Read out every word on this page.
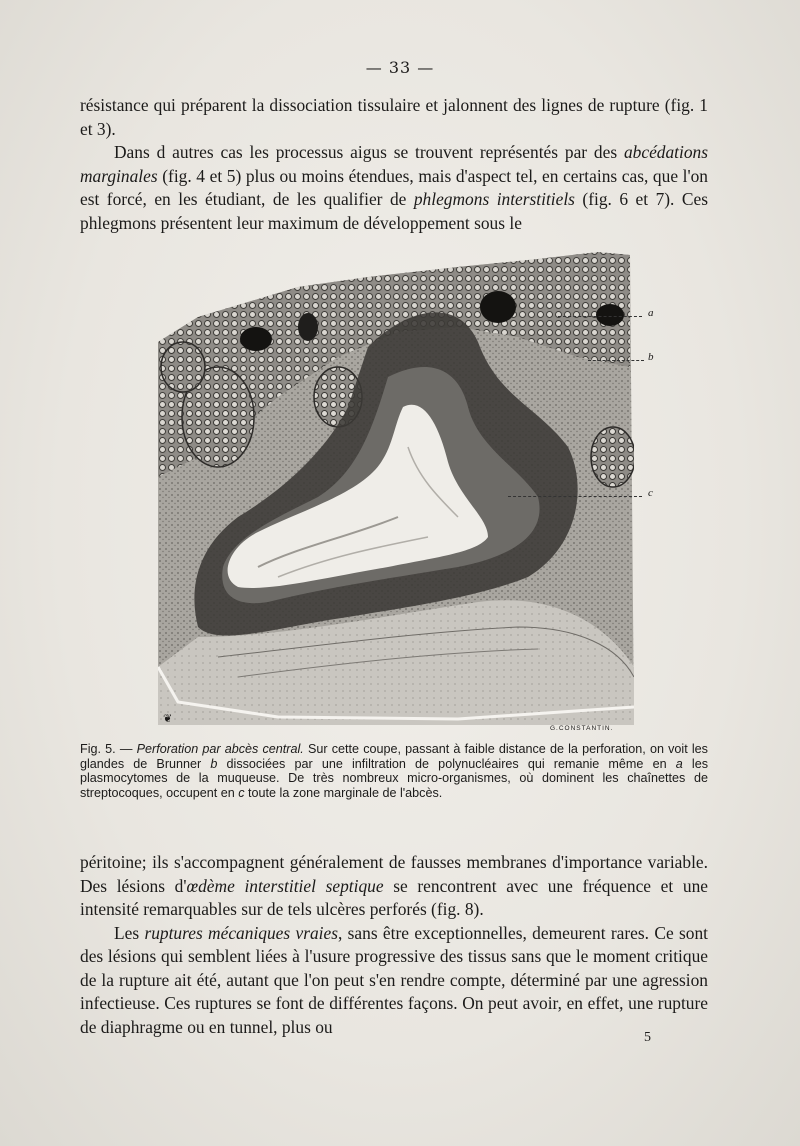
— 33 —

résistance qui préparent la dissociation tissulaire et jalonnent des lignes de rupture (fig. 1 et 3).

Dans d autres cas les processus aigus se trouvent représentés par des abcédations marginales (fig. 4 et 5) plus ou moins étendues, mais d'aspect tel, en certains cas, que l'on est forcé, en les étudiant, de les qualifier de phlegmons interstitiels (fig. 6 et 7). Ces phlegmons présentent leur maximum de développement sous le

a
b
c
❦
G.CONSTANTIN.
Fig. 5. — Perforation par abcès central. Sur cette coupe, passant à faible distance de la perforation, on voit les glandes de Brunner b dissociées par une infiltration de polynucléaires qui remanie même en a les plasmocytomes de la muqueuse. De très nombreux micro-organismes, où dominent les chaînettes de streptocoques, occupent en c toute la zone marginale de l'abcès.

péritoine; ils s'accompagnent généralement de fausses membranes d'importance variable. Des lésions d'œdème interstitiel septique se rencontrent avec une fréquence et une intensité remarquables sur de tels ulcères perforés (fig. 8).

Les ruptures mécaniques vraies, sans être exceptionnelles, demeurent rares. Ce sont des lésions qui semblent liées à l'usure progressive des tissus sans que le moment critique de la rupture ait été, autant que l'on peut s'en rendre compte, déterminé par une agression infectieuse. Ces ruptures se font de différentes façons. On peut avoir, en effet, une rupture de diaphragme ou en tunnel, plus ou

5
